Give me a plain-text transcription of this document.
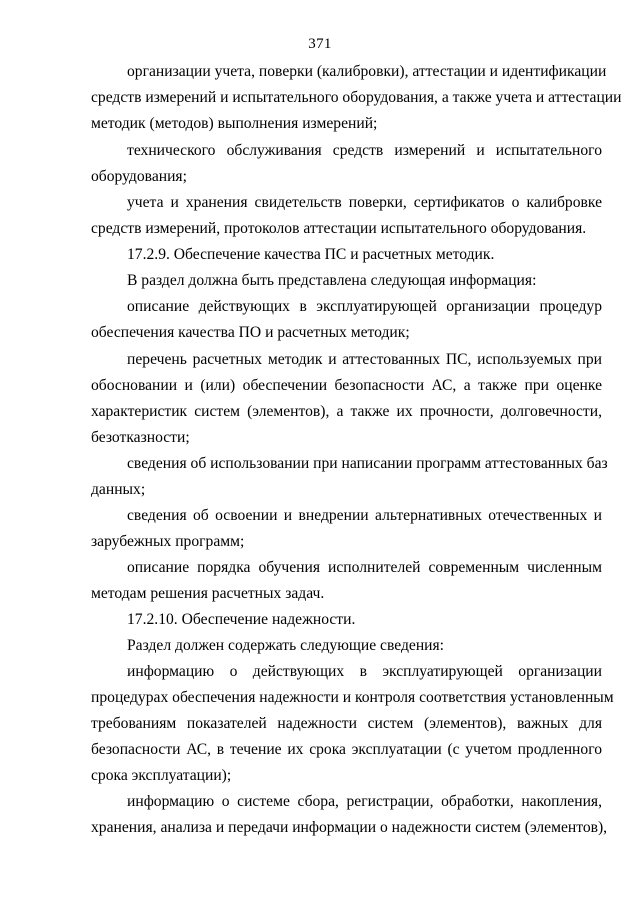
371
организации учета, поверки (калибровки), аттестации и идентификации
средств измерений и испытательного оборудования, а также учета и аттестации
методик (методов) выполнения измерений;
технического обслуживания средств измерений и испытательного
оборудования;
учета и хранения свидетельств поверки, сертификатов о калибровке
средств измерений, протоколов аттестации испытательного оборудования.
17.2.9. Обеспечение качества ПС и расчетных методик.
В раздел должна быть представлена следующая информация:
описание действующих в эксплуатирующей организации процедур
обеспечения качества ПО и расчетных методик;
перечень расчетных методик и аттестованных ПС, используемых при
обосновании и (или) обеспечении безопасности АС, а также при оценке
характеристик систем (элементов), а также их прочности, долговечности,
безотказности;
сведения об использовании при написании программ аттестованных баз
данных;
сведения об освоении и внедрении альтернативных отечественных и
зарубежных программ;
описание порядка обучения исполнителей современным численным
методам решения расчетных задач.
17.2.10. Обеспечение надежности.
Раздел должен содержать следующие сведения:
информацию о действующих в эксплуатирующей организации
процедурах обеспечения надежности и контроля соответствия установленным
требованиям показателей надежности систем (элементов), важных для
безопасности АС, в течение их срока эксплуатации (с учетом продленного
срока эксплуатации);
информацию о системе сбора, регистрации, обработки, накопления,
хранения, анализа и передачи информации о надежности систем (элементов),
